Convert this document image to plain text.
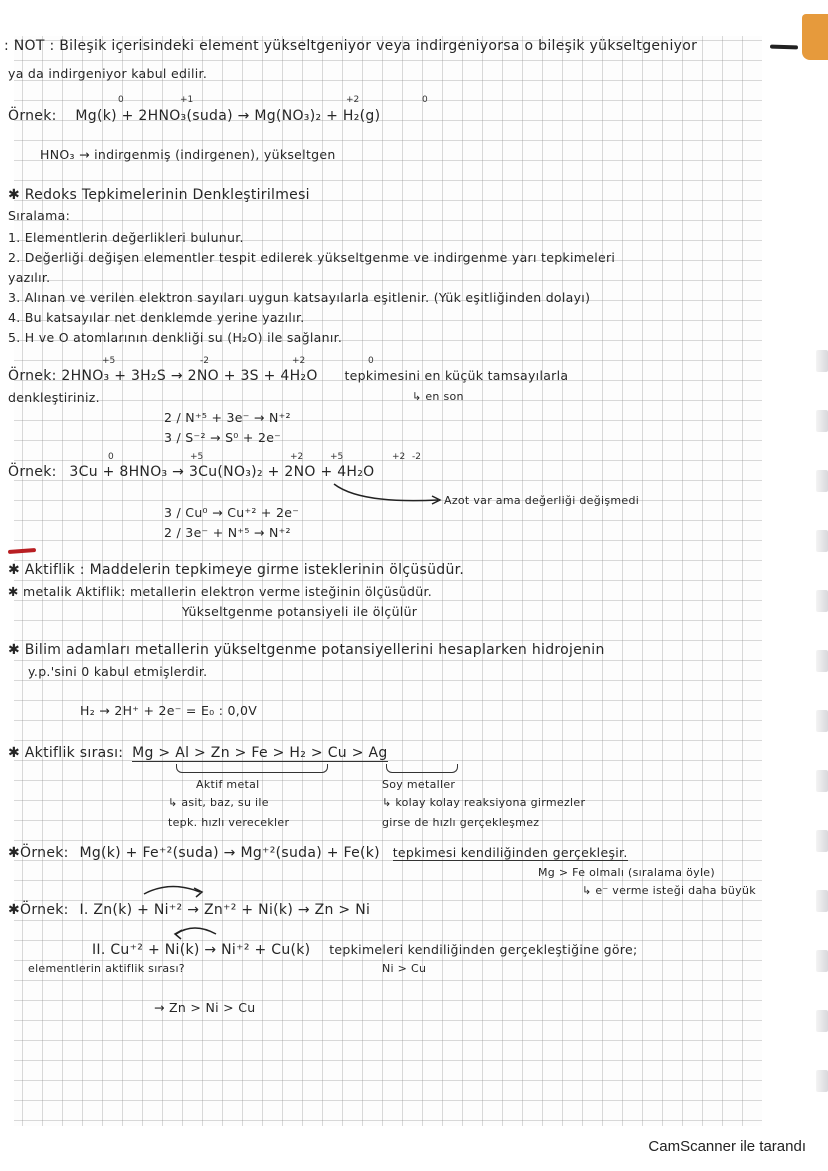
: NOT : Bileşik içerisindeki element yükseltgeniyor veya indirgeniyorsa o bileşik yükseltgeniyor
ya da indirgeniyor kabul edilir.
0	+1	+2	0
Örnek: Mg(k) + 2HNO₃(suda) → Mg(NO₃)₂ + H₂(g)
HNO₃ → indirgenmiş (indirgenen), yükseltgen
✱ Redoks Tepkimelerinin Denkleştirilmesi
Sıralama:
1. Elementlerin değerlikleri bulunur.
2. Değerliği değişen elementler tespit edilerek yükseltgenme ve indirgenme yarı tepkimeleri
yazılır.
3. Alınan ve verilen elektron sayıları uygun katsayılarla eşitlenir. (Yük eşitliğinden dolayı)
4. Bu katsayılar net denklemde yerine yazılır.
5. H ve O atomlarının denkliği su (H₂O) ile sağlanır.
+5	-2	+2	0
Örnek: 2HNO₃ + 3H₂S → 2NO + 3S + 4H₂O tepkimesini en küçük tamsayılarla
denkleştiriniz.	↳ en son
2 / N⁺⁵ + 3e⁻ → N⁺²
3 / S⁻² → S⁰ + 2e⁻
0	+5	+2	+5	+2 -2
Örnek: 3Cu + 8HNO₃ → 3Cu(NO₃)₂ + 2NO + 4H₂O
Azot var ama değerliği değişmedi
3 / Cu⁰ → Cu⁺² + 2e⁻
2 / 3e⁻ + N⁺⁵ → N⁺²
✱ Aktiflik : Maddelerin tepkimeye girme isteklerinin ölçüsüdür.
✱ metalik Aktiflik: metallerin elektron verme isteğinin ölçüsüdür.
Yükseltgenme potansiyeli ile ölçülür
✱ Bilim adamları metallerin yükseltgenme potansiyellerini hesaplarken hidrojenin
y.p.'sini 0 kabul etmişlerdir.
H₂ → 2H⁺ + 2e⁻ = E₀ : 0,0V
✱ Aktiflik sırası: Mg > Al > Zn > Fe > H₂ > Cu > Ag
Aktif metal
↳ asit, baz, su ile
tepk. hızlı verecekler
Soy metaller
↳ kolay kolay reaksiyona girmezler
girse de hızlı gerçekleşmez
✱Örnek: Mg(k) + Fe⁺²(suda) → Mg⁺²(suda) + Fe(k) tepkimesi kendiliğinden gerçekleşir.
Mg > Fe olmalı (sıralama öyle)
↳ e⁻ verme isteği daha büyük
✱Örnek: I. Zn(k) + Ni⁺² → Zn⁺² + Ni(k) → Zn > Ni
II. Cu⁺² + Ni(k) → Ni⁺² + Cu(k) tepkimeleri kendiliğinden gerçekleştiğine göre;
elementlerin aktiflik sırası?	Ni > Cu
→ Zn > Ni > Cu
CamScanner ile tarandı
